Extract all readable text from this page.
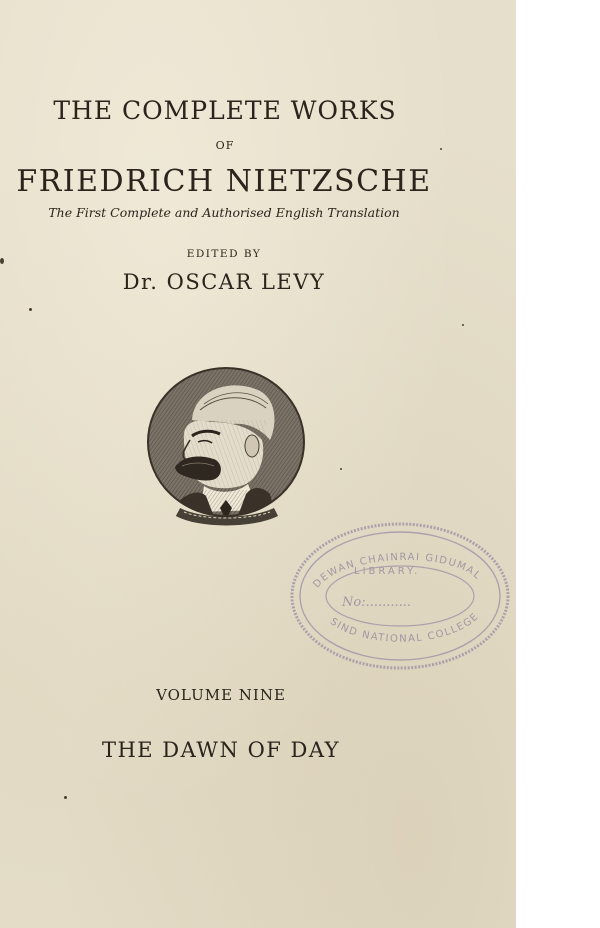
THE COMPLETE WORKS
OF
FRIEDRICH NIETZSCHE
The First Complete and Authorised English Translation
EDITED BY
Dr. OSCAR LEVY
DEWAN CHAINRAI GIDUMAL
SIND NATIONAL COLLEGE
LIBRARY.
No:...........
VOLUME NINE
THE DAWN OF DAY
